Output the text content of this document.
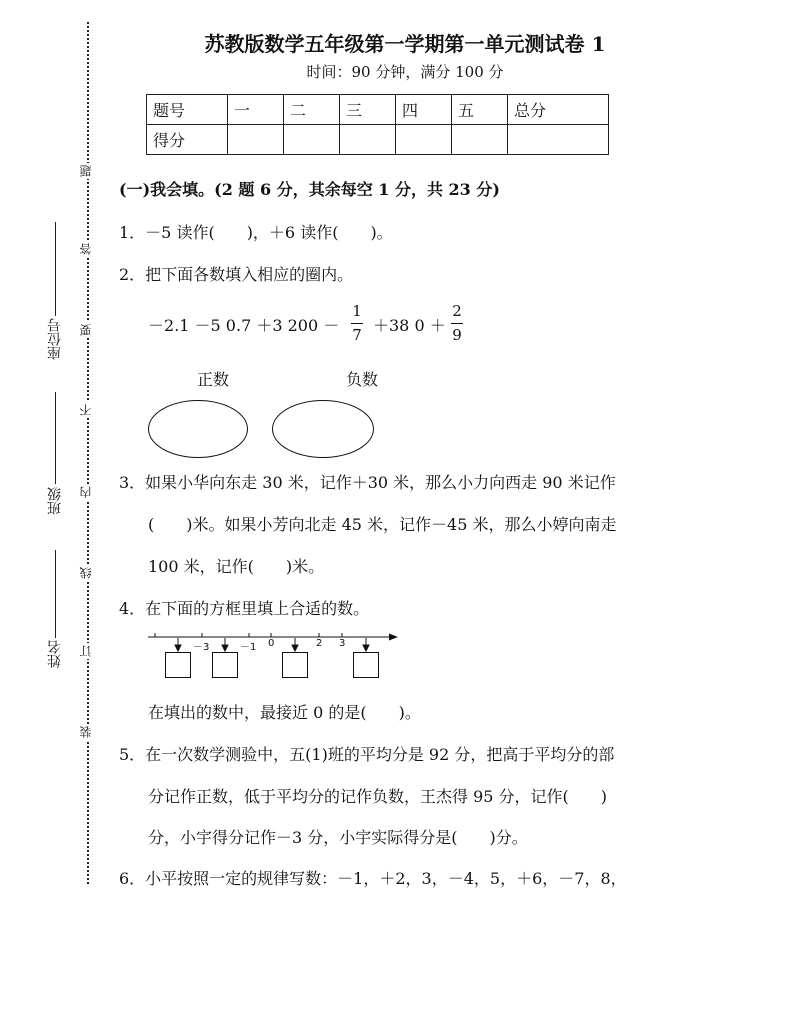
座位号
班级
姓名
题
答
要
不
内
线
订
装
苏教版数学五年级第一学期第一单元测试卷 1
时间：90 分钟，满分 100 分
题号	一	二	三	四	五	总分
得分						
(一)我会填。(2 题 6 分，其余每空 1 分，共 23 分)
1．－5 读作(　　)，＋6 读作(　　)。
2．把下面各数填入相应的圈内。
－2.1 －5 0.7 ＋3 200 －
1
7 ＋38 0 ＋
2
9
正数	负数
3．如果小华向东走 30 米，记作＋30 米，那么小力向西走 90 米记作
(　　)米。如果小芳向北走 45 米，记作－45 米，那么小婷向南走
100 米，记作(　　)米。
4．在下面的方框里填上合适的数。
－3	－1 0	2 3
在填出的数中，最接近 0 的是(　　)。
5．在一次数学测验中，五(1)班的平均分是 92 分，把高于平均分的部
分记作正数，低于平均分的记作负数，王杰得 95 分，记作(　　)
分，小宇得分记作－3 分，小宇实际得分是(　　)分。
6．小平按照一定的规律写数：－1，＋2，3，－4，5，＋6，－7，8，
